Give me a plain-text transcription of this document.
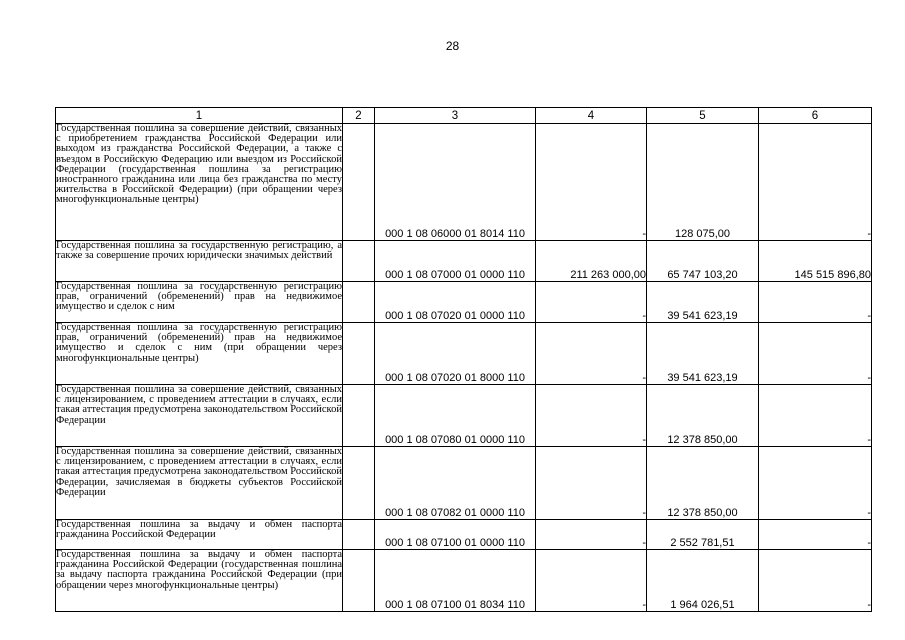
28
1	2	3	4	5	6
Государственная пошлина за совершение действий, связанных с приобретением гражданства Российской Федерации или выходом из гражданства Российской Федерации, а также с въездом в Российскую Федерацию или выездом из Российской Федерации (государственная пошлина за регистрацию иностранного гражданина или лица без гражданства по месту жительства в Российской Федерации) (при обращении через многофункциональные центры)		000 1 08 06000 01 8014 110	-	128 075,00	-
Государственная пошлина за государственную регистрацию, а также за совершение прочих юридически значимых действий		000 1 08 07000 01 0000 110	211 263 000,00	65 747 103,20	145 515 896,80
Государственная пошлина за государственную регистрацию прав, ограничений (обременений) прав на недвижимое имущество и сделок с ним		000 1 08 07020 01 0000 110	-	39 541 623,19	-
Государственная пошлина за государственную регистрацию прав, ограничений (обременений) прав на недвижимое имущество и сделок с ним (при обращении через многофункциональные центры)		000 1 08 07020 01 8000 110	-	39 541 623,19	-
Государственная пошлина за совершение действий, связанных с лицензированием, с проведением аттестации в случаях, если такая аттестация предусмотрена законодательством Российской Федерации		000 1 08 07080 01 0000 110	-	12 378 850,00	-
Государственная пошлина за совершение действий, связанных с лицензированием, с проведением аттестации в случаях, если такая аттестация предусмотрена законодательством Российской Федерации, зачисляемая в бюджеты субъектов Российской Федерации		000 1 08 07082 01 0000 110	-	12 378 850,00	-
Государственная пошлина за выдачу и обмен паспорта гражданина Российской Федерации		000 1 08 07100 01 0000 110	-	2 552 781,51	-
Государственная пошлина за выдачу и обмен паспорта гражданина Российской Федерации (государственная пошлина за выдачу паспорта гражданина Российской Федерации (при обращении через многофункциональные центры)		000 1 08 07100 01 8034 110	-	1 964 026,51	-
